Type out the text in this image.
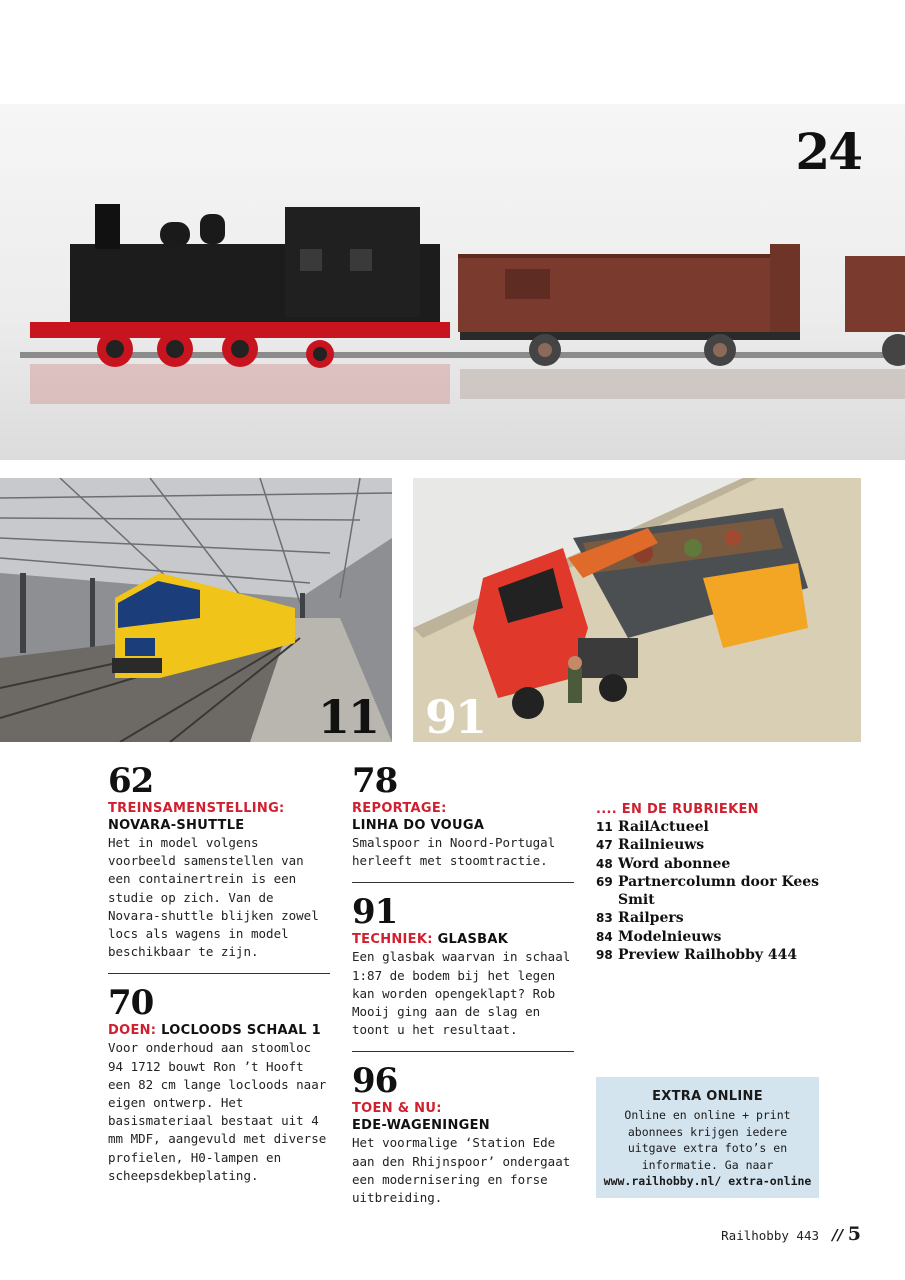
24
11 91
62
TREINSAMENSTELLING:
NOVARA-SHUTTLE
Het in model volgens voorbeeld samenstellen van een containertrein is een studie op zich. Van de Novara-shuttle blijken zowel locs als wagens in model beschikbaar te zijn.
70
DOEN: LOCLOODS SCHAAL 1
Voor onderhoud aan stoomloc 94 1712 bouwt Ron ’t Hooft een 82 cm lange locloods naar eigen ontwerp. Het basismateriaal bestaat uit 4 mm MDF, aangevuld met diverse profielen, H0-lampen en scheepsdekbeplating.
78
REPORTAGE:
LINHA DO VOUGA
Smalspoor in Noord-Portugal herleeft met stoomtractie.
91
TECHNIEK: GLASBAK
Een glasbak waarvan in schaal 1:87 de bodem bij het legen kan worden opengeklapt? Rob Mooij ging aan de slag en toont u het resultaat.
96
TOEN & NU:
EDE-WAGENINGEN
Het voormalige ‘Station Ede aan den Rhijnspoor’ ondergaat een modernisering en forse uitbreiding.
.... EN DE RUBRIEKEN
11 RailActueel
47 Railnieuws
48 Word abonnee
69 Partnercolumn door Kees Smit
83 Railpers
84 Modelnieuws
98 Preview Railhobby 444
EXTRA ONLINE
Online en online + print abonnees krijgen iedere uitgave extra foto’s en informatie. Ga naar www.railhobby.nl/ extra-online
Railhobby 443 // 5
